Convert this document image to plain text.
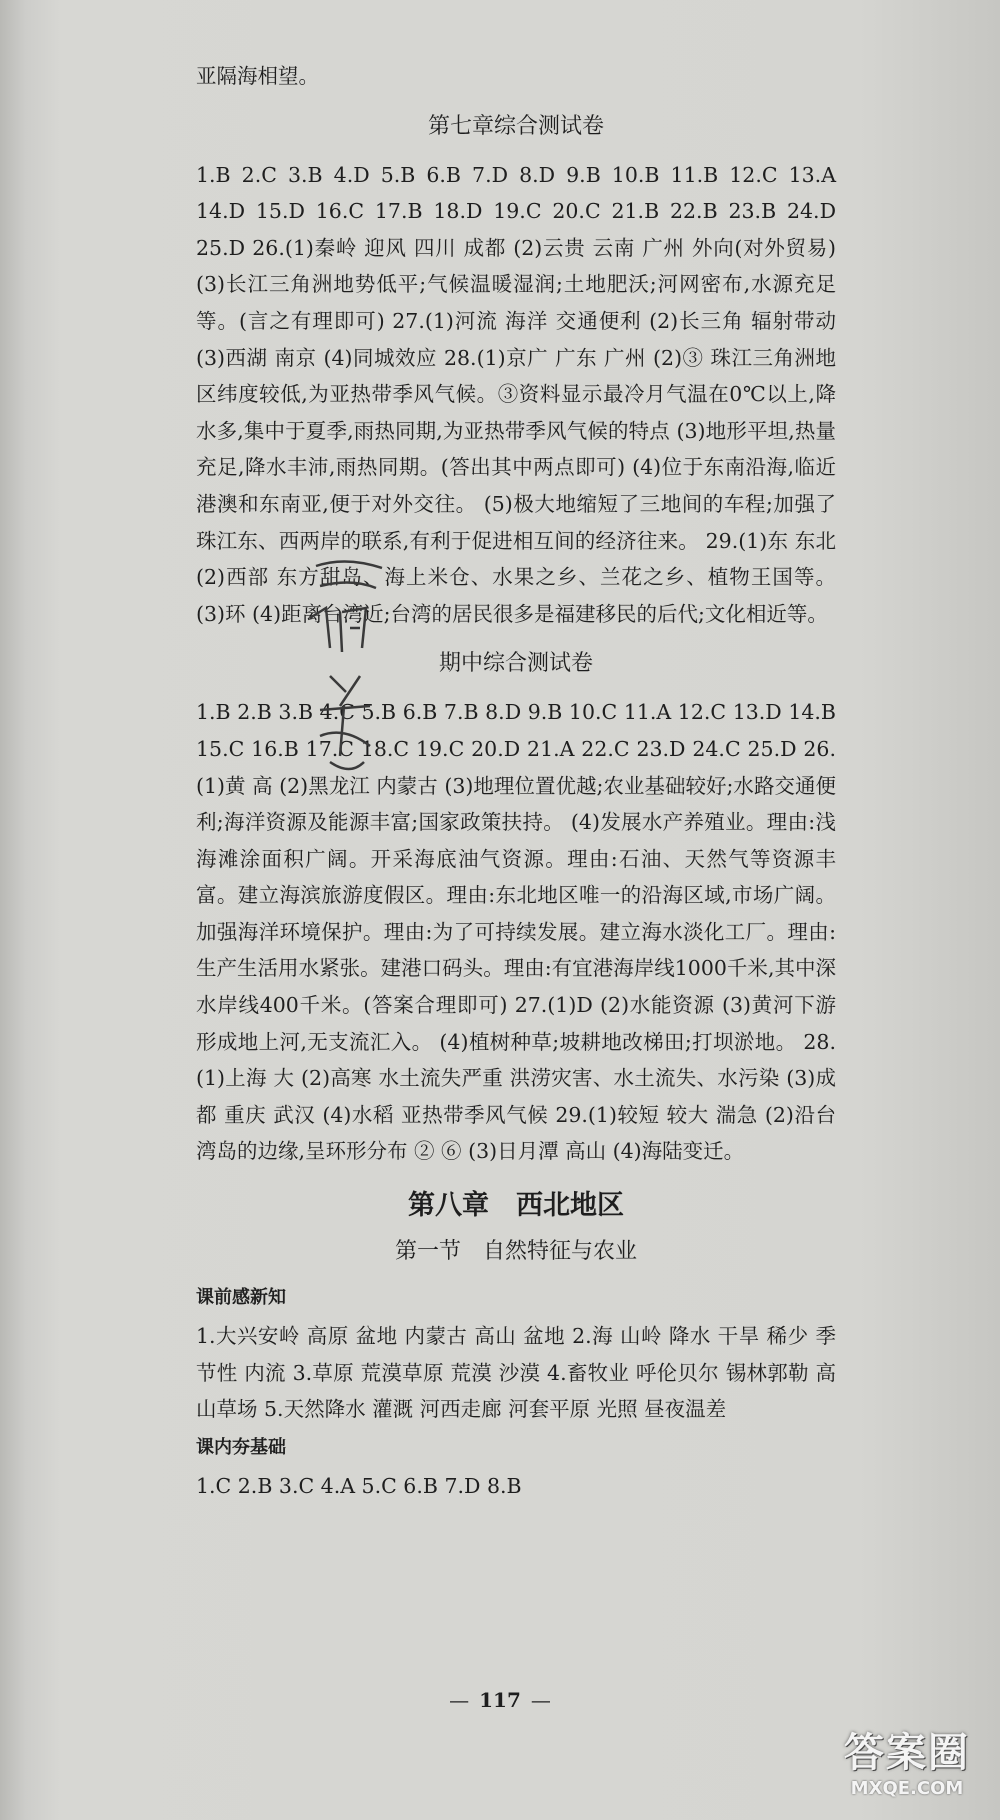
亚隔海相望。

第七章综合测试卷

1.B 2.C 3.B 4.D 5.B 6.B 7.D 8.D 9.B 10.B 11.B 12.C 13.A 14.D 15.D 16.C 17.B 18.D 19.C 20.C 21.B 22.B 23.B 24.D 25.D 26.(1)秦岭 迎风 四川 成都 (2)云贵 云南 广州 外向(对外贸易) (3)长江三角洲地势低平;气候温暖湿润;土地肥沃;河网密布,水源充足等。(言之有理即可) 27.(1)河流 海洋 交通便利 (2)长三角 辐射带动 (3)西湖 南京 (4)同城效应 28.(1)京广 广东 广州 (2)③ 珠江三角洲地区纬度较低,为亚热带季风气候。③资料显示最冷月气温在0℃以上,降水多,集中于夏季,雨热同期,为亚热带季风气候的特点 (3)地形平坦,热量充足,降水丰沛,雨热同期。(答出其中两点即可) (4)位于东南沿海,临近港澳和东南亚,便于对外交往。 (5)极大地缩短了三地间的车程;加强了珠江东、西两岸的联系,有利于促进相互间的经济往来。 29.(1)东 东北 (2)西部 东方甜岛、海上米仓、水果之乡、兰花之乡、植物王国等。 (3)环 (4)距离台湾近;台湾的居民很多是福建移民的后代;文化相近等。

期中综合测试卷

1.B 2.B 3.B 4.C 5.B 6.B 7.B 8.D 9.B 10.C 11.A 12.C 13.D 14.B 15.C 16.B 17.C 18.C 19.C 20.D 21.A 22.C 23.D 24.C 25.D 26.(1)黄 高 (2)黑龙江 内蒙古 (3)地理位置优越;农业基础较好;水路交通便利;海洋资源及能源丰富;国家政策扶持。 (4)发展水产养殖业。理由:浅海滩涂面积广阔。开采海底油气资源。理由:石油、天然气等资源丰富。建立海滨旅游度假区。理由:东北地区唯一的沿海区域,市场广阔。加强海洋环境保护。理由:为了可持续发展。建立海水淡化工厂。理由:生产生活用水紧张。建港口码头。理由:有宜港海岸线1000千米,其中深水岸线400千米。(答案合理即可) 27.(1)D (2)水能资源 (3)黄河下游形成地上河,无支流汇入。 (4)植树种草;坡耕地改梯田;打坝淤地。 28.(1)上海 大 (2)高寒 水土流失严重 洪涝灾害、水土流失、水污染 (3)成都 重庆 武汉 (4)水稻 亚热带季风气候 29.(1)较短 较大 湍急 (2)沿台湾岛的边缘,呈环形分布 ② ⑥ (3)日月潭 高山 (4)海陆变迁。

第八章　西北地区
第一节　自然特征与农业
课前感新知

1.大兴安岭 高原 盆地 内蒙古 高山 盆地 2.海 山岭 降水 干旱 稀少 季节性 内流 3.草原 荒漠草原 荒漠 沙漠 4.畜牧业 呼伦贝尔 锡林郭勒 高山草场 5.天然降水 灌溉 河西走廊 河套平原 光照 昼夜温差

课内夯基础

1.C 2.B 3.C 4.A 5.C 6.B 7.D 8.B

— 117 —
答案圈
MXQE.COM
